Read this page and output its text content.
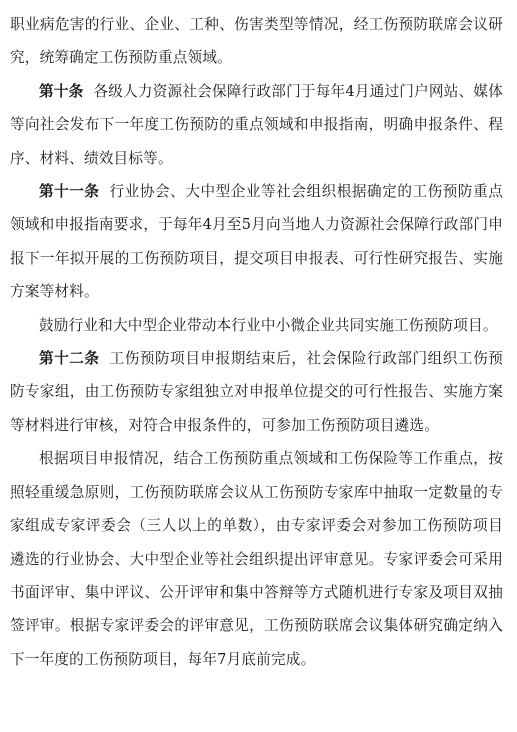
职业病危害的行业、企业、工种、伤害类型等情况，经工伤预防联席会议研究，统筹确定工伤预防重点领域。

第十条 各级人力资源社会保障行政部门于每年4月通过门户网站、媒体等向社会发布下一年度工伤预防的重点领域和申报指南，明确申报条件、程序、材料、绩效目标等。

第十一条 行业协会、大中型企业等社会组织根据确定的工伤预防重点领域和申报指南要求，于每年4月至5月向当地人力资源社会保障行政部门申报下一年拟开展的工伤预防项目，提交项目申报表、可行性研究报告、实施方案等材料。

鼓励行业和大中型企业带动本行业中小微企业共同实施工伤预防项目。

第十二条 工伤预防项目申报期结束后，社会保险行政部门组织工伤预防专家组，由工伤预防专家组独立对申报单位提交的可行性报告、实施方案等材料进行审核，对符合申报条件的，可参加工伤预防项目遴选。

根据项目申报情况，结合工伤预防重点领域和工伤保险等工作重点，按照轻重缓急原则，工伤预防联席会议从工伤预防专家库中抽取一定数量的专家组成专家评委会（三人以上的单数），由专家评委会对参加工伤预防项目遴选的行业协会、大中型企业等社会组织提出评审意见。专家评委会可采用书面评审、集中评议、公开评审和集中答辩等方式随机进行专家及项目双抽签评审。根据专家评委会的评审意见，工伤预防联席会议集体研究确定纳入下一年度的工伤预防项目，每年7月底前完成。
